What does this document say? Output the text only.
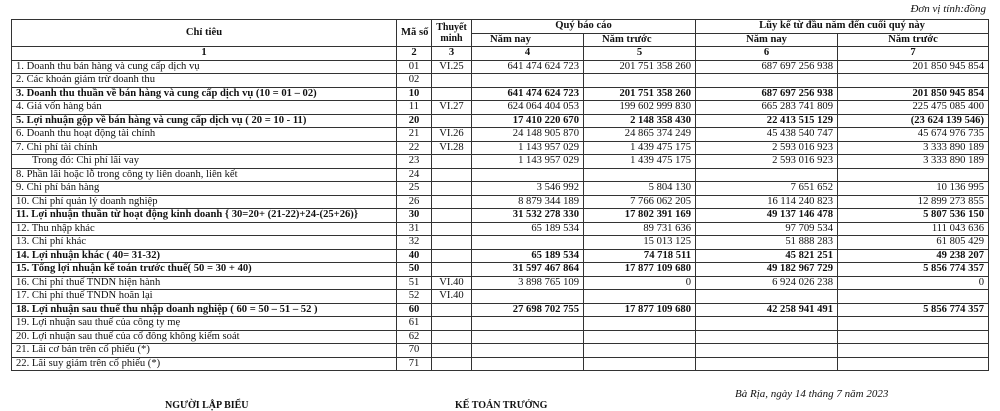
Đơn vị tính:đồng
Chỉ tiêu	Mã số	Thuyết minh	Quý báo cáo		Lũy kế từ đầu năm đến cuối quý này	
			Năm nay	Năm trước	Năm nay	Năm trước
1	2	3	4	5	6	7
1. Doanh thu bán hàng và cung cấp dịch vụ	01	VI.25	641 474 624 723	201 751 358 260	687 697 256 938	201 850 945 854
2. Các khoản giảm trừ doanh thu	02					
3. Doanh thu thuần về bán hàng và cung cấp dịch vụ (10 = 01 – 02)	10		641 474 624 723	201 751 358 260	687 697 256 938	201 850 945 854
4. Giá vốn hàng bán	11	VI.27	624 064 404 053	199 602 999 830	665 283 741 809	225 475 085 400
5. Lợi nhuận gộp về bán hàng và cung cấp dịch vụ ( 20 = 10 - 11)	20		17 410 220 670	2 148 358 430	22 413 515 129	(23 624 139 546)
6. Doanh thu hoạt động tài chính	21	VI.26	24 148 905 870	24 865 374 249	45 438 540 747	45 674 976 735
7. Chi phí tài chính	22	VI.28	1 143 957 029	1 439 475 175	2 593 016 923	3 333 890 189
Trong đó: Chi phí lãi vay	23		1 143 957 029	1 439 475 175	2 593 016 923	3 333 890 189
8. Phần lãi hoặc lỗ trong công ty liên doanh, liên kết	24					
9. Chi phí bán hàng	25		3 546 992	5 804 130	7 651 652	10 136 995
10. Chi phí quản lý doanh nghiệp	26		8 879 344 189	7 766 062 205	16 114 240 823	12 899 273 855
11. Lợi nhuận thuần từ hoạt động kinh doanh { 30=20+ (21-22)+24-(25+26)}	30		31 532 278 330	17 802 391 169	49 137 146 478	5 807 536 150
12. Thu nhập khác	31		65 189 534	89 731 636	97 709 534	111 043 636
13. Chi phí khác	32			15 013 125	51 888 283	61 805 429
14. Lợi nhuận khác ( 40= 31-32)	40		65 189 534	74 718 511	45 821 251	49 238 207
15. Tổng lợi nhuận kế toán trước thuế( 50 = 30 + 40)	50		31 597 467 864	17 877 109 680	49 182 967 729	5 856 774 357
16. Chi phí thuế TNDN hiện hành	51	VI.40	3 898 765 109	0	6 924 026 238	0
17. Chi phí thuế TNDN hoãn lại	52	VI.40				
18. Lợi nhuận sau thuế thu nhập doanh nghiệp ( 60 = 50 – 51 – 52 )	60		27 698 702 755	17 877 109 680	42 258 941 491	5 856 774 357
19. Lợi nhuận sau thuế của công ty mẹ	61					
20. Lợi nhuận sau thuế của cổ đông không kiểm soát	62					
21. Lãi cơ bản trên cổ phiếu (*)	70					
22. Lãi suy giảm trên cổ phiếu (*)	71					
Bà Rịa, ngày 14 tháng 7 năm 2023
NGƯỜI LẬP BIỂU	KẾ TOÁN TRƯỞNG
